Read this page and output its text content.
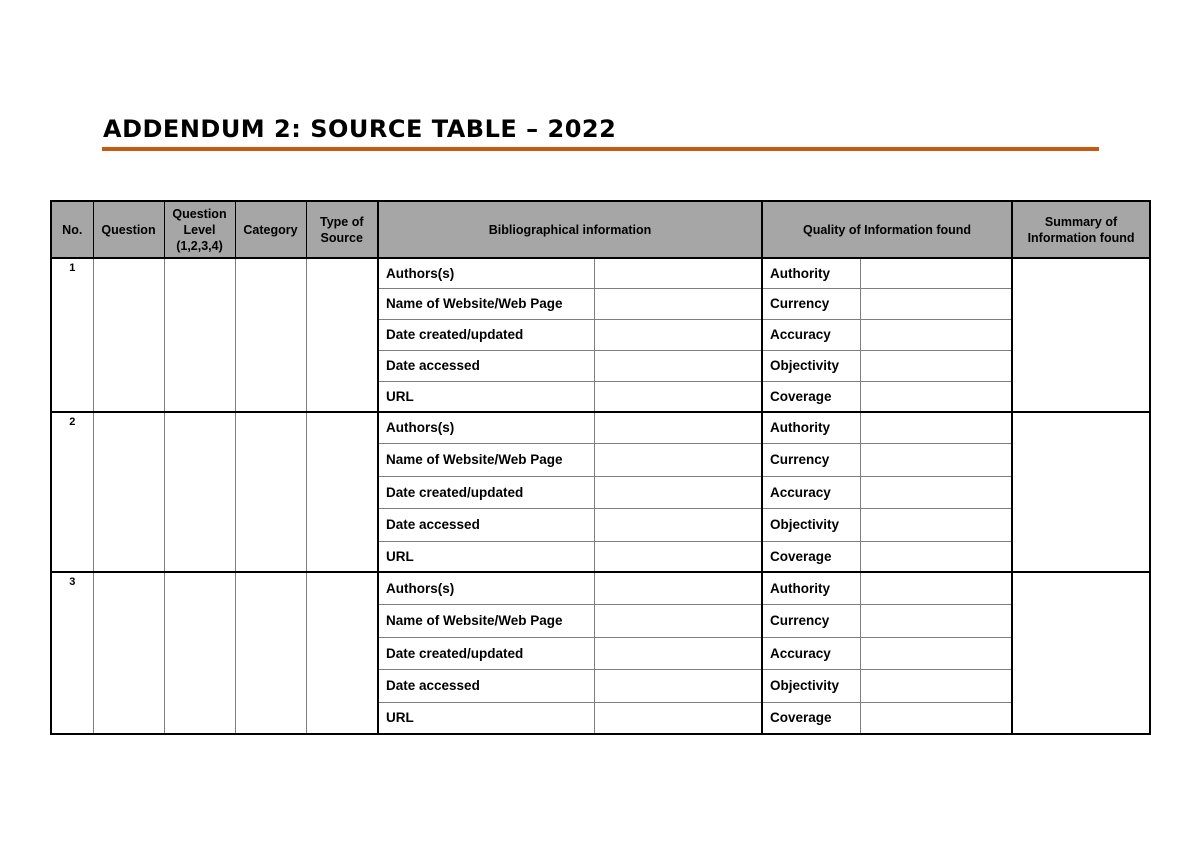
ADDENDUM 2: SOURCE TABLE – 2022
No.	Question	Question Level (1,2,3,4)	Category	Type of Source	Bibliographical information		Quality of Information found		Summary of Information found
1					Authors(s)		Authority		
					Name of Website/Web Page		Currency		
					Date created/updated		Accuracy		
					Date accessed		Objectivity		
					URL		Coverage		
2					Authors(s)		Authority		
					Name of Website/Web Page		Currency		
					Date created/updated		Accuracy		
					Date accessed		Objectivity		
					URL		Coverage		
3					Authors(s)		Authority		
					Name of Website/Web Page		Currency		
					Date created/updated		Accuracy		
					Date accessed		Objectivity		
					URL		Coverage		
